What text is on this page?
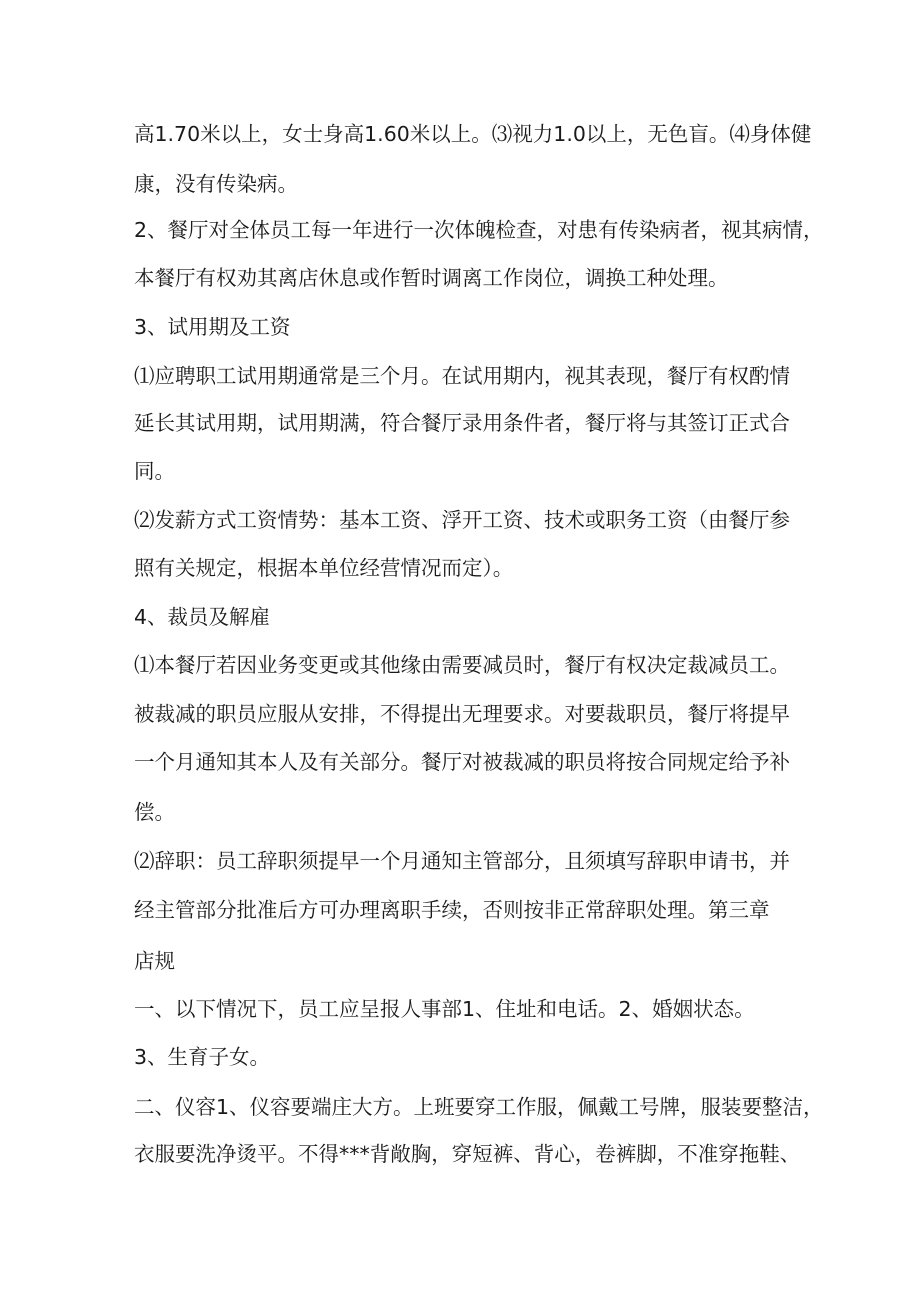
高1.70米以上，女士身高1.60米以上。⑶视力1.0以上，无色盲。⑷身体健

康，没有传染病。

2、餐厅对全体员工每一年进行一次体魄检查，对患有传染病者，视其病情，

本餐厅有权劝其离店休息或作暂时调离工作岗位，调换工种处理。

3、试用期及工资

⑴应聘职工试用期通常是三个月。在试用期内，视其表现，餐厅有权酌情

延长其试用期，试用期满，符合餐厅录用条件者，餐厅将与其签订正式合

同。

⑵发薪方式工资情势：基本工资、浮开工资、技术或职务工资（由餐厅参

照有关规定，根据本单位经营情况而定）。

4、裁员及解雇

⑴本餐厅若因业务变更或其他缘由需要减员时，餐厅有权决定裁减员工。

被裁减的职员应服从安排，不得提出无理要求。对要裁职员，餐厅将提早

一个月通知其本人及有关部分。餐厅对被裁减的职员将按合同规定给予补

偿。

⑵辞职：员工辞职须提早一个月通知主管部分，且须填写辞职申请书，并

经主管部分批准后方可办理离职手续，否则按非正常辞职处理。第三章

店规

一、以下情况下，员工应呈报人事部1、住址和电话。2、婚姻状态。

3、生育子女。

二、仪容1、仪容要端庄大方。上班要穿工作服，佩戴工号牌，服装要整洁，

衣服要洗净烫平。不得***背敞胸，穿短裤、背心，卷裤脚，不准穿拖鞋、
